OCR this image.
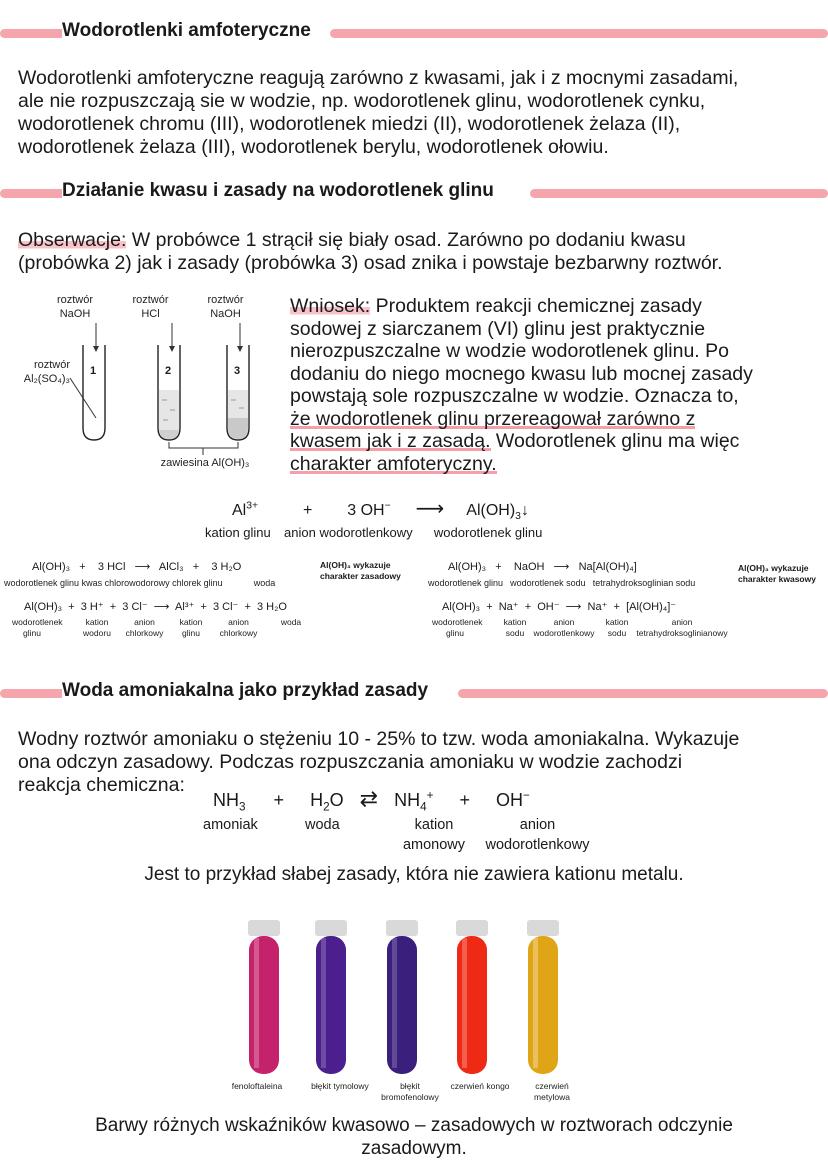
Wodorotlenki amfoteryczne
Wodorotlenki amfoteryczne reagują zarówno z kwasami, jak i z mocnymi zasadami,
ale nie rozpuszczają sie w wodzie, np. wodorotlenek glinu, wodorotlenek cynku,
wodorotlenek chromu (III), wodorotlenek miedzi (II), wodorotlenek żelaza (II),
wodorotlenek żelaza (III), wodorotlenek berylu, wodorotlenek ołowiu.
Działanie kwasu i zasady na wodorotlenek glinu
Obserwacje: W probówce 1 strącił się biały osad. Zarówno po dodaniu kwasu
(probówka 2) jak i zasady (probówka 3) osad znika i powstaje bezbarwny roztwór.
roztwór
NaOH
roztwór
HCl
roztwór
NaOH
roztwór
Al₂(SO₄)₃
1	2	3
zawiesina Al(OH)₃
Wniosek: Produktem reakcji chemicznej zasady
sodowej z siarczanem (VI) glinu jest praktycznie
nierozpuszczalne w wodzie wodorotlenek glinu. Po
dodaniu do niego mocnego kwasu lub mocnej zasady
powstają sole rozpuszczalne w wodzie. Oznacza to,
że wodorotlenek glinu przereagował zarówno z
kwasem jak i z zasadą. Wodorotlenek glinu ma więc
charakter amfoteryczny.
$Al^{3+}$	+ 3 OH− ⟶ $Al(OH)_3↓$
kation glinu anion wodorotlenkowy wodorotlenek glinu
Al(OH)₃   +    3 HCl   ⟶   AlCl₃   +    3 H₂O
wodorotlenek glinu kwas chlorowodorowy chlorek glinu	woda
Al(OH)₃  +  3 H⁺  +  3 Cl⁻  ⟶  Al³⁺  +  3 Cl⁻  +  3 H₂O
wodorotlenek glinu
kation wodoru
anion chlorkowy
kation glinu
anion chlorkowy
woda
Al(OH)₃ wykazuje
charakter zasadowy
Al(OH)₃   +    NaOH   ⟶   Na[Al(OH)₄]
wodorotlenek glinu wodorotlenek sodu tetrahydroksoglinian sodu
Al(OH)₃  +  Na⁺  +  OH⁻  ⟶  Na⁺  +  [Al(OH)₄]⁻
wodorotlenek glinu
kation sodu
anion wodorotlenkowy
kation sodu
anion tetrahydroksoglinianowy
Al(OH)₃ wykazuje
charakter kwasowy
Woda amoniakalna jako przykład zasady
Wodny roztwór amoniaku o stężeniu 10 - 25% to tzw. woda amoniakalna. Wykazuje
ona odczyn zasadowy. Podczas rozpuszczania amoniaku w wodzie zachodzi
reakcja chemiczna:
$NH_3 + H_2O$ ⇄ $NH_4^+ + OH^-$
amoniak	woda	kation
amonowy
anion
wodorotlenkowy
Jest to przykład słabej zasady, która nie zawiera kationu metalu.
fenoloftaleina	błękit tymolowy	błękit
bromofenolowy
czerwień kongo	czerwień
metylowa
Barwy różnych wskaźników kwasowo – zasadowych w roztworach odczynie
zasadowym.
